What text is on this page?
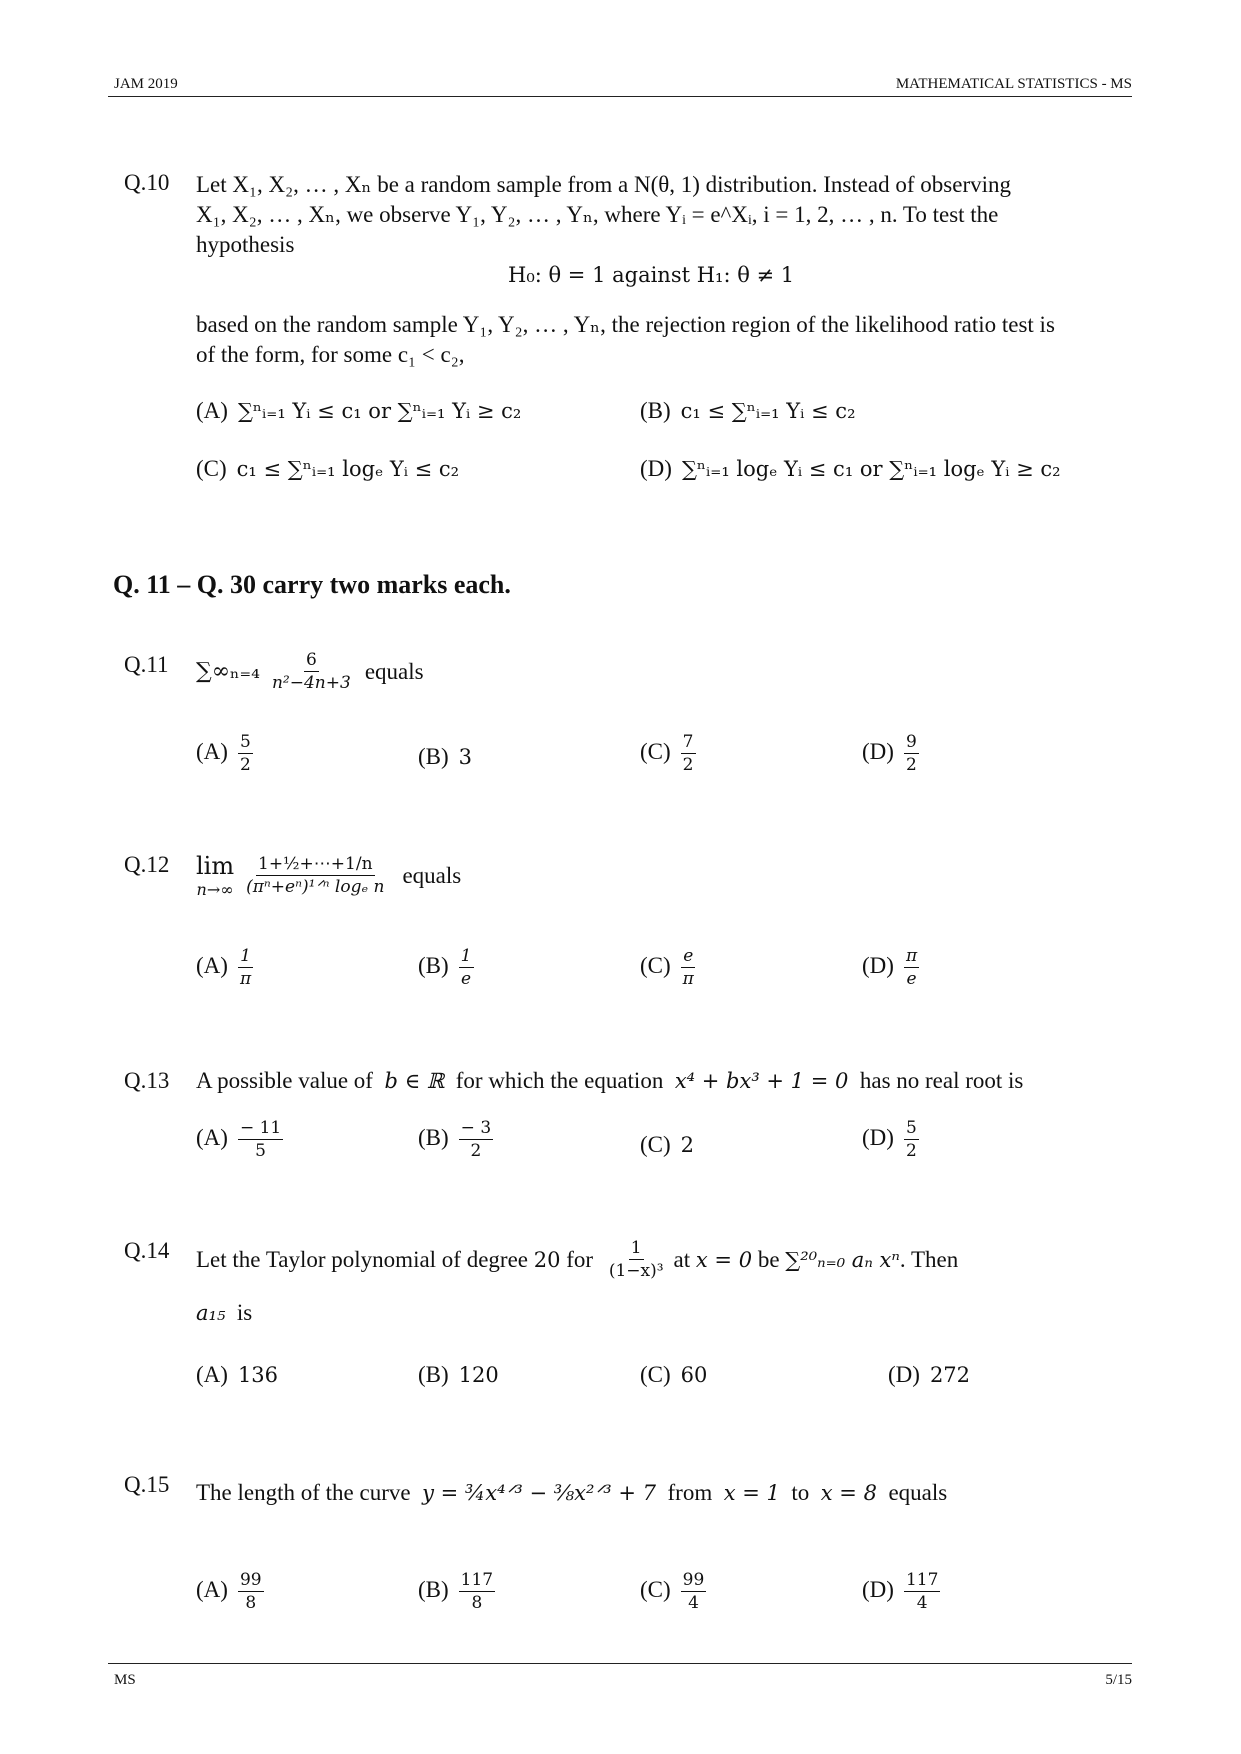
JAM 2019	MATHEMATICAL STATISTICS - MS
Q.10 Let X₁, X₂, … , Xₙ be a random sample from a N(θ, 1) distribution. Instead of observing
X₁, X₂, … , Xₙ, we observe Y₁, Y₂, … , Yₙ, where Yᵢ = e^Xᵢ, i = 1, 2, … , n. To test the
hypothesis
H₀: θ = 1 against H₁: θ ≠ 1
based on the random sample Y₁, Y₂, … , Yₙ, the rejection region of the likelihood ratio test is
of the form, for some c₁ < c₂,
(A) ∑ⁿᵢ₌₁ Yᵢ ≤ c₁ or ∑ⁿᵢ₌₁ Yᵢ ≥ c₂	(B) c₁ ≤ ∑ⁿᵢ₌₁ Yᵢ ≤ c₂
(C) c₁ ≤ ∑ⁿᵢ₌₁ logₑ Yᵢ ≤ c₂	(D) ∑ⁿᵢ₌₁ logₑ Yᵢ ≤ c₁ or ∑ⁿᵢ₌₁ logₑ Yᵢ ≥ c₂
Q. 11 – Q. 30 carry two marks each.
Q.11 $\sum\infty_{n=4} \frac{6}{\text{n²−4n+3}}$ equals
$(A) \frac{5}{2}$	(B) 3	$(C) \frac{7}{2}$	$(D) \frac{9}{2}$
Q.12 lim
$n\to\infty \frac{\text{1+½+⋯+1/n}}{\text{(πⁿ+eⁿ)¹ᐟⁿ logₑ n}}$ equals
$(A) \frac{1}{\pi}$	$(B) \frac{1}{e}$	$(C) \frac{e}{\pi}$	$(D) \frac{\pi}{e}$
Q.13 A possible value of b ∈ ℝ for which the equation x⁴ + bx³ + 1 = 0 has no real root is
$(A) \frac{- 11}{5}$	$(B) \frac{- 3}{2}$	(C) 2	$(D) \frac{5}{2}$
Q.14 Let the Taylor polynomial of degree
20
for
$\frac{1}{\text{(1−x)³}}$ at
x = 0
be
∑²⁰ₙ₌₀ aₙ xⁿ . Then
a₁₅ is
(A) 136	(B) 120	(C) 60	(D) 272
Q.15 The length of the curve y = ¾x⁴ᐟ³ − ⅜x²ᐟ³ + 7 from x = 1 to x = 8 equals
$(A) \frac{99}{8}$	$(B) \frac{117}{8}$	$(C) \frac{99}{4}$	$(D) \frac{117}{4}$
MS	5/15
